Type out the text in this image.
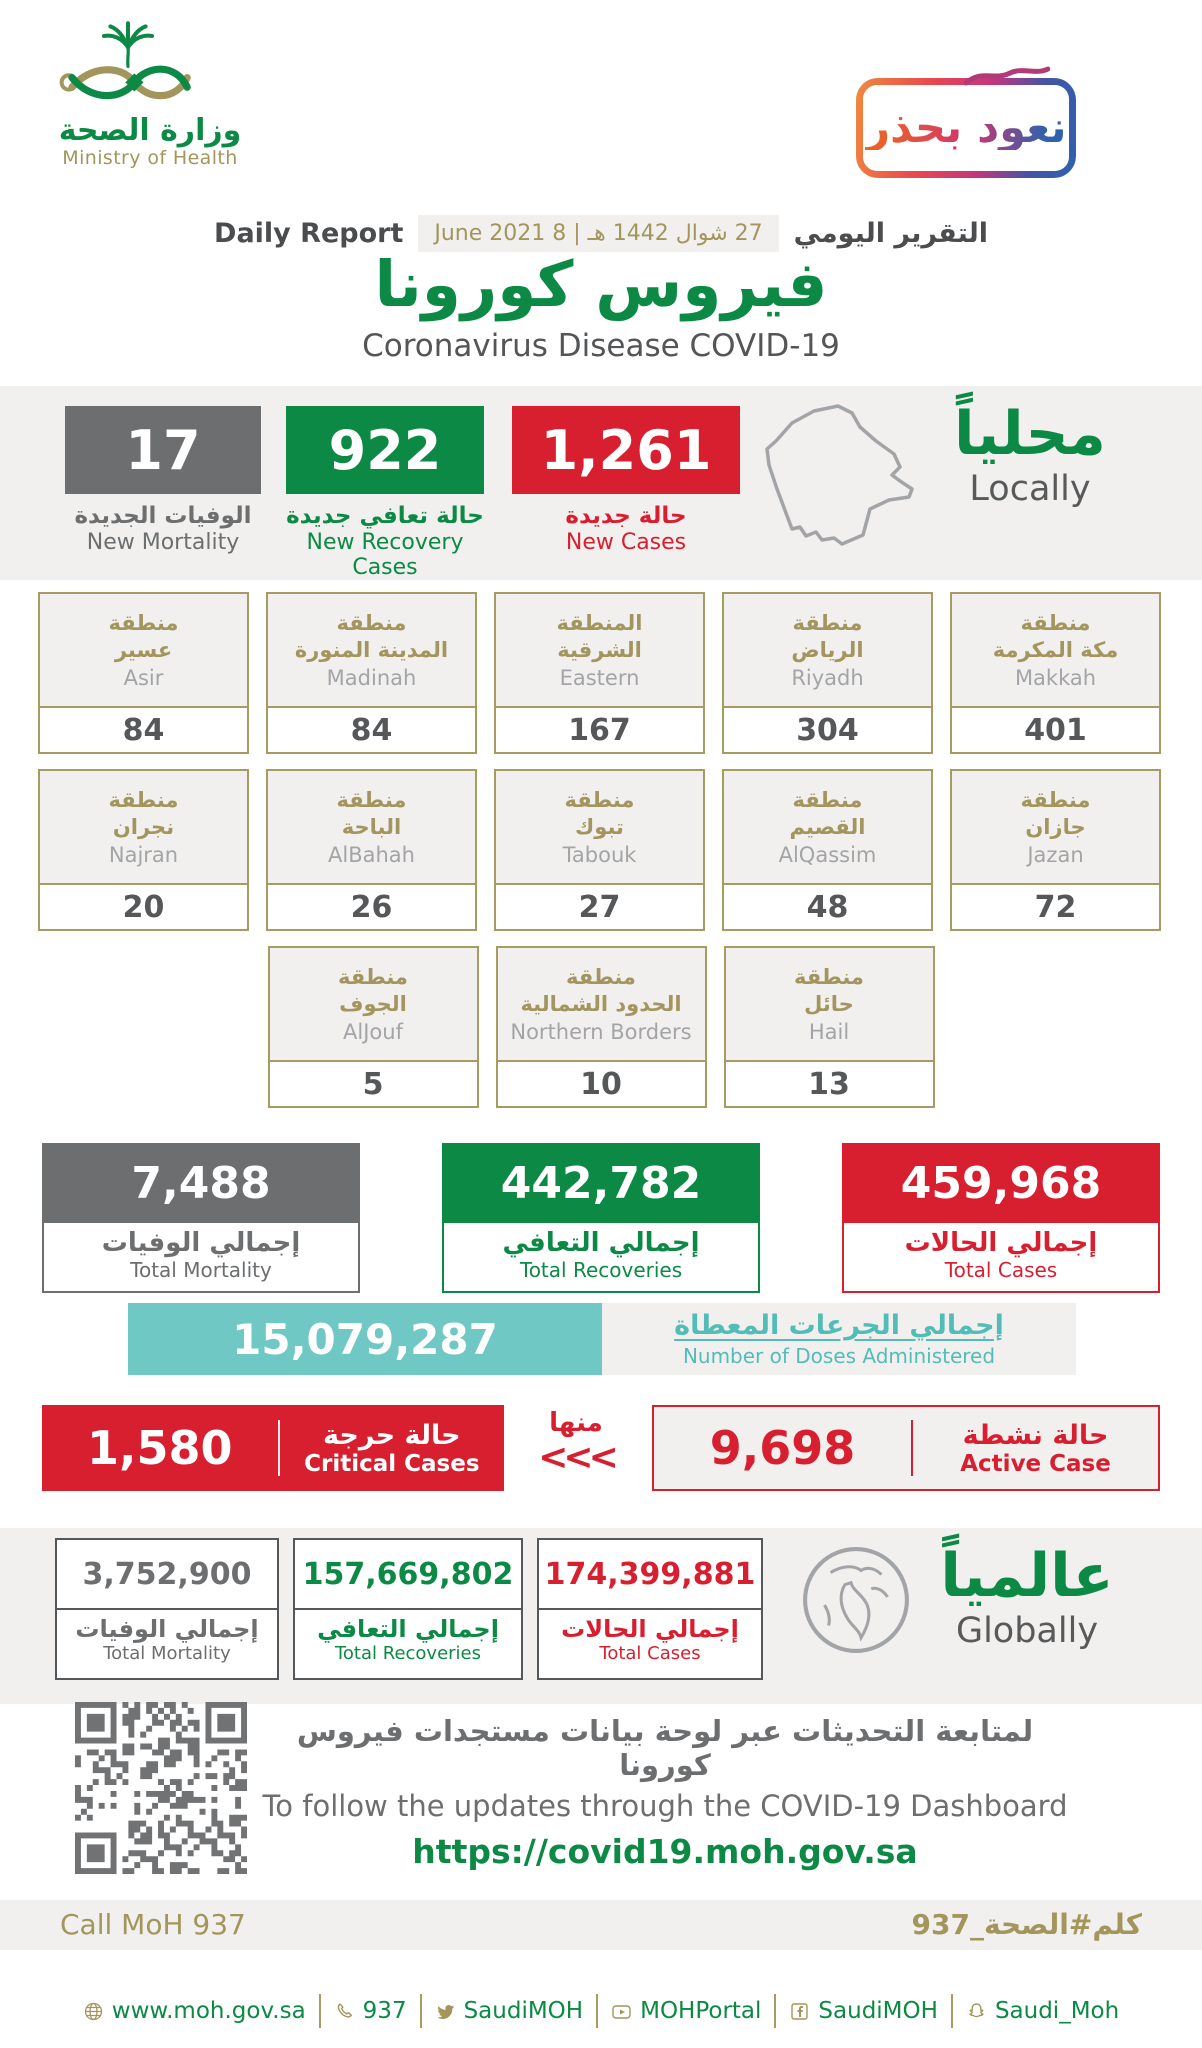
وزارة الصحة
Ministry of Health
نعود بحذر
التقرير اليومي
27 شوال 1442 هـ | 8 June 2021
Daily Report
فيروس كورونا
Coronavirus Disease COVID-19
17
الوفيات الجديدة
New Mortality
922
حالة تعافي جديدة
New Recovery Cases
1,261
حالة جديدة
New Cases
محلياً
Locally
منطقة
عسير
Asir
84
منطقة
المدينة المنورة
Madinah
84
المنطقة
الشرقية
Eastern
167
منطقة
الرياض
Riyadh
304
منطقة
مكة المكرمة
Makkah
401
منطقة
نجران
Najran
20
منطقة
الباحة
AlBahah
26
منطقة
تبوك
Tabouk
27
منطقة
القصيم
AlQassim
48
منطقة
جازان
Jazan
72
منطقة
الجوف
AlJouf
5
منطقة
الحدود الشمالية
Northern Borders
10
منطقة
حائل
Hail
13
7,488
إجمالي الوفيات
Total Mortality
442,782
إجمالي التعافي
Total Recoveries
459,968
إجمالي الحالات
Total Cases
15,079,287	إجمالي الجرعات المعطاة
Number of Doses Administered
1,580	حالة حرجة
Critical Cases
منها
<<<	9,698	حالة نشطة
Active Case
3,752,900
إجمالي الوفيات
Total Mortality
157,669,802
إجمالي التعافي
Total Recoveries
174,399,881
إجمالي الحالات
Total Cases
عالمياً
Globally
لمتابعة التحديثات عبر لوحة بيانات مستجدات فيروس كورونا
To follow the updates through the COVID-19 Dashboard
https://covid19.moh.gov.sa
Call MoH 937	كلم#الصحة_937
www.moh.gov.sa 937 SaudiMOH MOHPortal SaudiMOH Saudi_Moh
